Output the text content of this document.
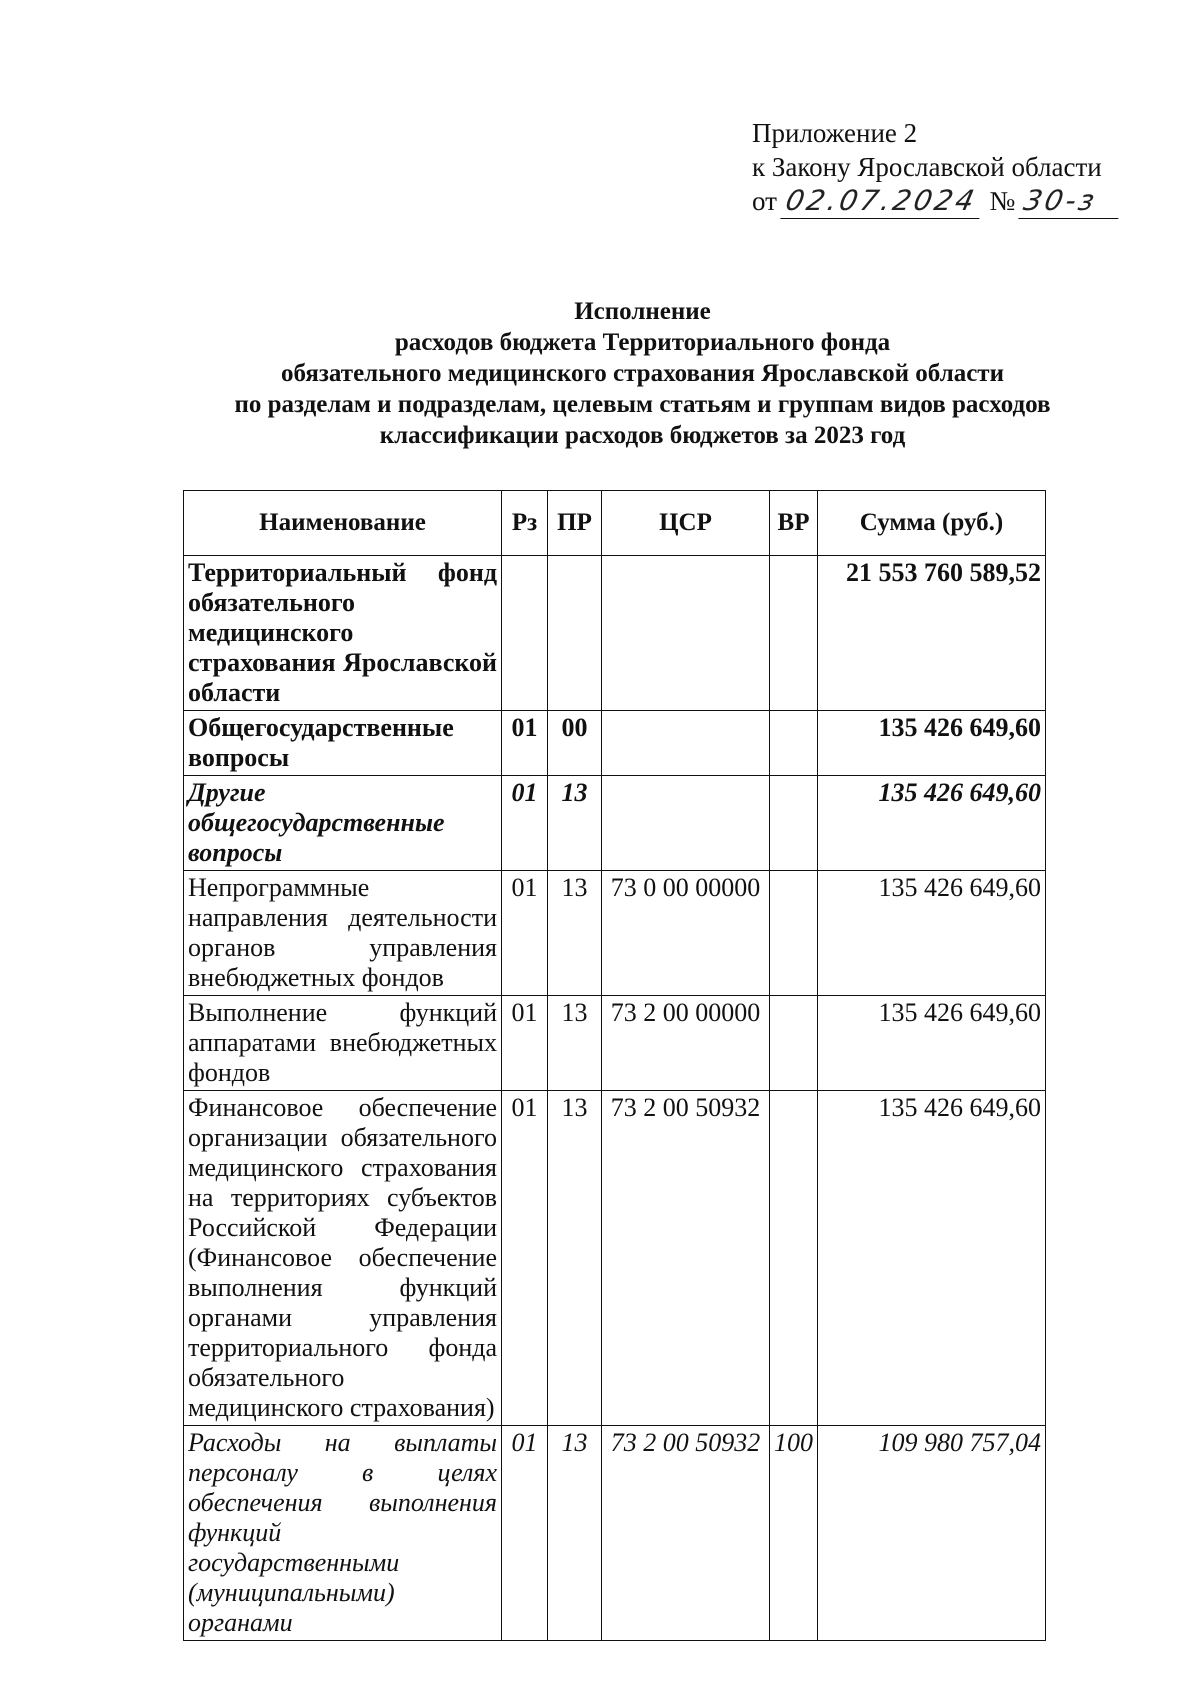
Приложение 2
к Закону Ярославской области
от 02.07.2024 № 30-з
Исполнение
расходов бюджета Территориального фонда
обязательного медицинского страхования Ярославской области
по разделам и подразделам, целевым статьям и группам видов расходов
классификации расходов бюджетов за 2023 год
Наименование	Рз	ПР	ЦСР	ВР	Сумма (руб.)
Территориальный фонд обязательного медицинского страхования Ярославской области					21 553 760 589,52
Общегосударственные вопросы	01	00			135 426 649,60
Другие общегосударственные вопросы	01	13			135 426 649,60
Непрограммные направления деятельности органов управления внебюджетных фондов	01	13	73 0 00 00000		135 426 649,60
Выполнение функций аппаратами внебюджетных фондов	01	13	73 2 00 00000		135 426 649,60
Финансовое обеспечение организации обязательного медицинского страхования на территориях субъектов Российской Федерации (Финансовое обеспечение выполнения функций органами управления территориального фонда обязательного медицинского страхования)	01	13	73 2 00 50932		135 426 649,60
Расходы на выплаты персоналу в целях обеспечения выполнения функций государственными (муниципальными) органами	01	13	73 2 00 50932	100	109 980 757,04
